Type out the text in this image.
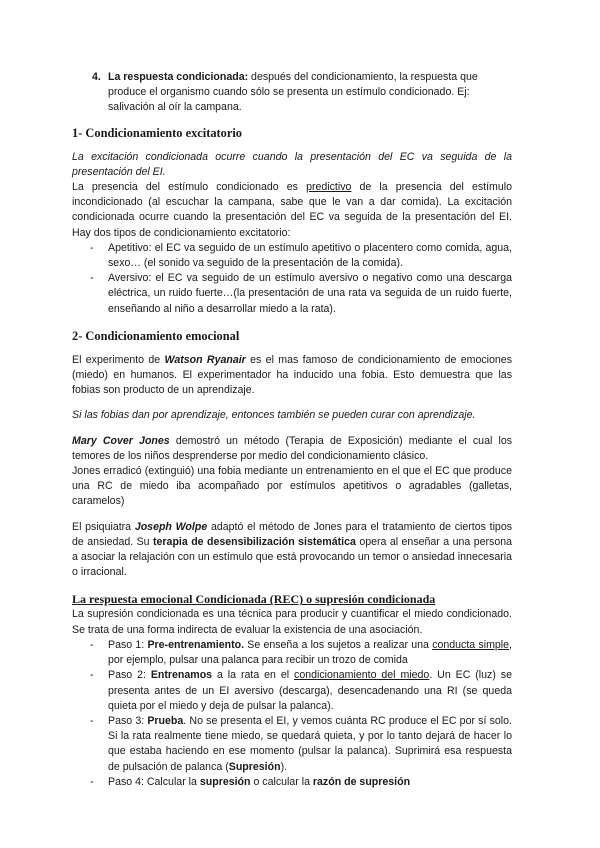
4. La respuesta condicionada: después del condicionamiento, la respuesta que produce el organismo cuando sólo se presenta un estímulo condicionado. Ej: salivación al oír la campana.

1- Condicionamiento excitatorio

La excitación condicionada ocurre cuando la presentación del EC va seguida de la presentación del EI.

La presencia del estímulo condicionado es predictivo de la presencia del estímulo incondicionado (al escuchar la campana, sabe que le van a dar comida). La excitación condicionada ocurre cuando la presentación del EC va seguida de la presentación del EI. Hay dos tipos de condicionamiento excitatorio:

-	Apetitivo: el EC va seguido de un estímulo apetitivo o placentero como comida, agua, sexo… (el sonido va seguido de la presentación de la comida).

-	Aversivo: el EC va seguido de un estímulo aversivo o negativo como una descarga eléctrica, un ruido fuerte…(la presentación de una rata va seguida de un ruido fuerte, enseñando al niño a desarrollar miedo a la rata).

2- Condicionamiento emocional

El experimento de Watson Ryanair es el mas famoso de condicionamiento de emociones (miedo) en humanos. El experimentador ha inducido una fobia. Esto demuestra que las fobias son producto de un aprendizaje.

Si las fobias dan por aprendizaje, entonces también se pueden curar con aprendizaje.

Mary Cover Jones demostró un método (Terapia de Exposición) mediante el cual los temores de los niños desprenderse por medio del condicionamiento clásico.

Jones erradicó (extinguió) una fobia mediante un entrenamiento en el que el EC que produce una RC de miedo iba acompañado por estímulos apetitivos o agradables (galletas, caramelos)

El psiquiatra Joseph Wolpe adaptó el método de Jones para el tratamiento de ciertos tipos de ansiedad. Su terapia de desensibilización sistemática opera al enseñar a una persona a asociar la relajación con un estímulo que está provocando un temor o ansiedad innecesaria o irracional.

La respuesta emocional Condicionada (REC) o supresión condicionada

La supresión condicionada es una técnica para producir y cuantificar el miedo condicionado. Se trata de una forma indirecta de evaluar la existencia de una asociación.

-	Paso 1: Pre-entrenamiento. Se enseña a los sujetos a realizar una conducta simple, por ejemplo, pulsar una palanca para recibir un trozo de comida

-	Paso 2: Entrenamos a la rata en el condicionamiento del miedo. Un EC (luz) se presenta antes de un EI aversivo (descarga), desencadenando una RI (se queda quieta por el miedo y deja de pulsar la palanca).

-	Paso 3: Prueba. No se presenta el EI, y vemos cuánta RC produce el EC por sí solo. Si la rata realmente tiene miedo, se quedará quieta, y por lo tanto dejará de hacer lo que estaba haciendo en ese momento (pulsar la palanca). Suprimirá esa respuesta de pulsación de palanca (Supresión).

-	Paso 4: Calcular la supresión o calcular la razón de supresión
